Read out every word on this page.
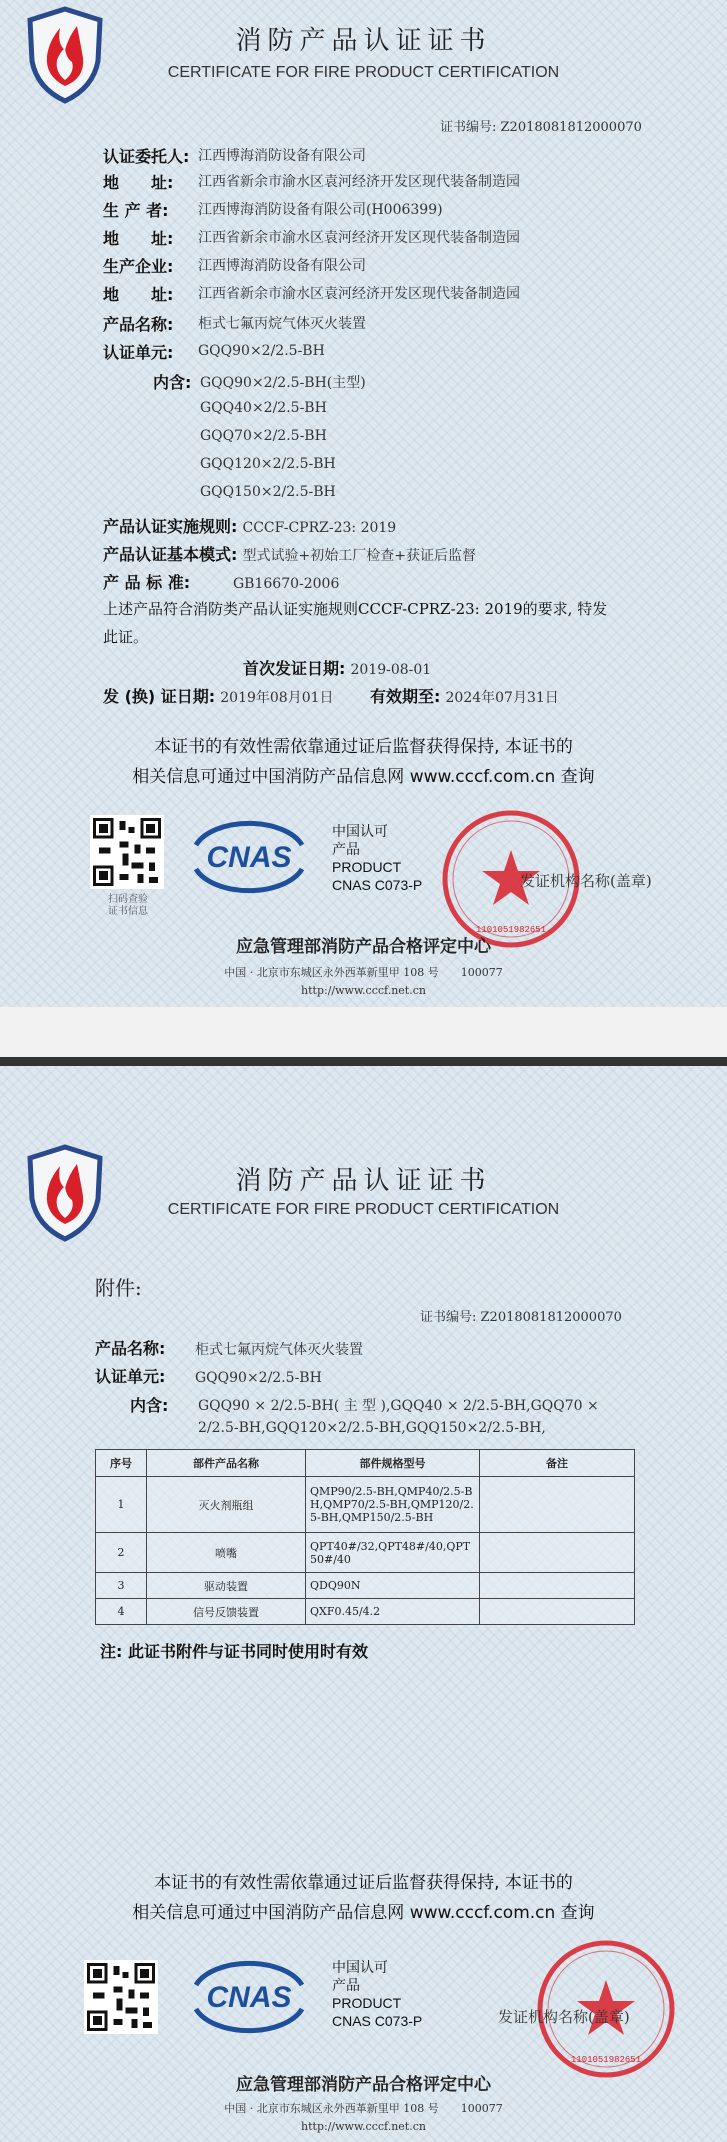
消防产品认证证书
CERTIFICATE FOR FIRE PRODUCT CERTIFICATION
证书编号: Z2018081812000070
认证委托人: 江西博海消防设备有限公司
地　　址:	江西省新余市渝水区袁河经济开发区现代装备制造园
生 产 者:	江西博海消防设备有限公司(H006399)
地　　址:	江西省新余市渝水区袁河经济开发区现代装备制造园
生产企业:	江西博海消防设备有限公司
地　　址:	江西省新余市渝水区袁河经济开发区现代装备制造园
产品名称:	柜式七氟丙烷气体灭火装置
认证单元:	GQQ90×2/2.5-BH
内含: GQQ90×2/2.5-BH(主型)
GQQ40×2/2.5-BH
GQQ70×2/2.5-BH
GQQ120×2/2.5-BH
GQQ150×2/2.5-BH
产品认证实施规则: CCCF-CPRZ-23: 2019
产品认证基本模式: 型式试验+初始工厂检查+获证后监督
产 品 标 准:	GB16670-2006
上述产品符合消防类产品认证实施规则CCCF-CPRZ-23: 2019的要求, 特发
此证。
首次发证日期: 2019-08-01
发 (换) 证日期: 2019年08月01日 有效期至: 2024年07月31日
本证书的有效性需依靠通过证后监督获得保持, 本证书的
相关信息可通过中国消防产品信息网 www.cccf.com.cn 查询
扫码查验
证书信息
CNAS
中国认可
产品
PRODUCT
CNAS C073-P
1101051982651
发证机构名称(盖章)
应急管理部消防产品合格评定中心
中国 · 北京市东城区永外西革新里甲 108 号　　100077
http://www.cccf.net.cn
消防产品认证证书
CERTIFICATE FOR FIRE PRODUCT CERTIFICATION
附件:
证书编号: Z2018081812000070
产品名称: 柜式七氟丙烷气体灭火装置
认证单元: GQQ90×2/2.5-BH
内含: GQQ90 × 2/2.5-BH( 主 型 ),GQQ40 × 2/2.5-BH,GQQ70 ×
2/2.5-BH,GQQ120×2/2.5-BH,GQQ150×2/2.5-BH,
序号	部件产品名称	部件规格型号	备注
1	灭火剂瓶组	QMP90/2.5-BH,QMP40/2.5-BH,QMP70/2.5-BH,QMP120/2.5-BH,QMP150/2.5-BH	
2	喷嘴	QPT40#/32,QPT48#/40,QPT50#/40	
3	驱动装置	QDQ90N	
4	信号反馈装置	QXF0.45/4.2	
注: 此证书附件与证书同时使用时有效
本证书的有效性需依靠通过证后监督获得保持, 本证书的
相关信息可通过中国消防产品信息网 www.cccf.com.cn 查询
CNAS
中国认可
产品
PRODUCT
CNAS C073-P
1101051982651
发证机构名称(盖章)
应急管理部消防产品合格评定中心
中国 · 北京市东城区永外西革新里甲 108 号　　100077
http://www.cccf.net.cn
